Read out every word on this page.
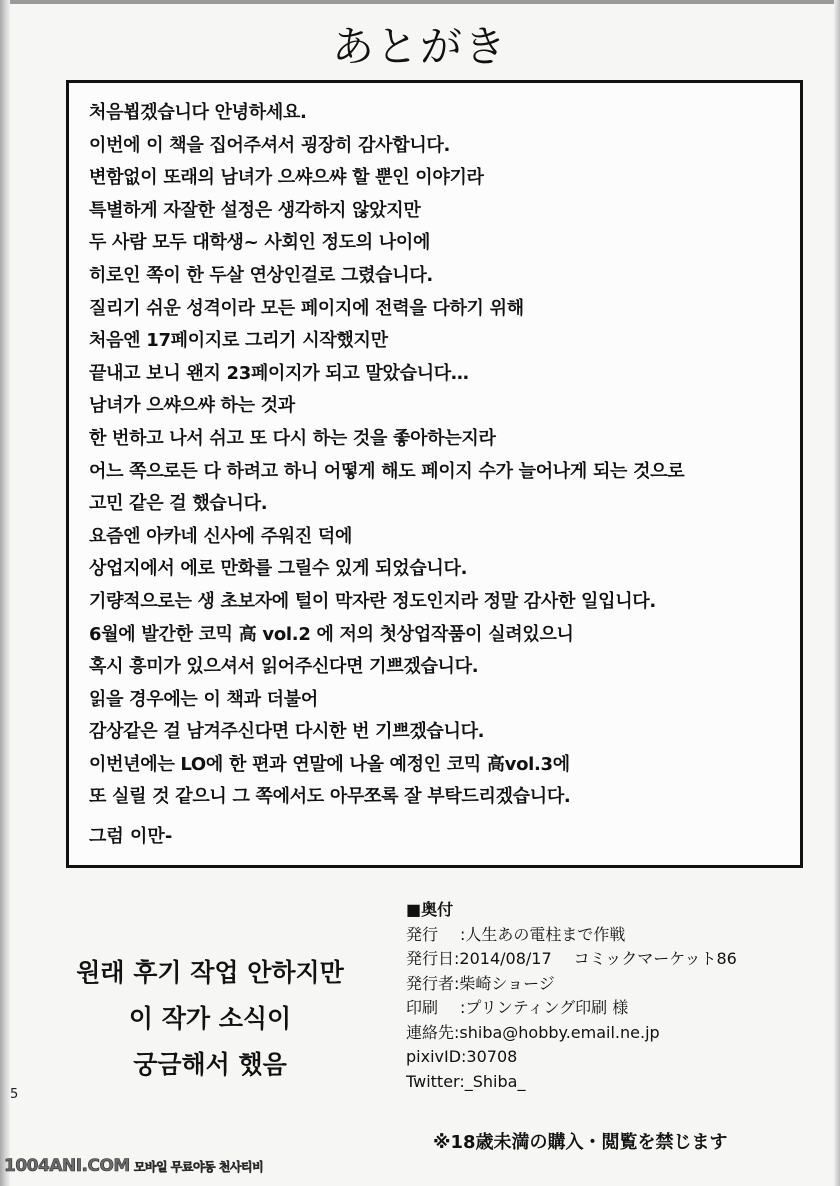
あとがき
처음뵙겠습니다 안녕하세요.
이번에 이 책을 집어주셔서 굉장히 감사합니다.
변함없이 또래의 남녀가 으쌰으쌰 할 뿐인 이야기라
특별하게 자잘한 설정은 생각하지 않았지만
두 사람 모두 대학생~ 사회인 정도의 나이에
히로인 쪽이 한 두살 연상인걸로 그렸습니다.
질리기 쉬운 성격이라 모든 페이지에 전력을 다하기 위해
처음엔 17페이지로 그리기 시작했지만
끝내고 보니 왠지 23페이지가 되고 말았습니다…
남녀가 으쌰으쌰 하는 것과
한 번하고 나서 쉬고 또 다시 하는 것을 좋아하는지라
어느 쪽으로든 다 하려고 하니 어떻게 해도 페이지 수가 늘어나게 되는 것으로
고민 같은 걸 했습니다.
요즘엔 아카네 신사에 주워진 덕에
상업지에서 에로 만화를 그릴수 있게 되었습니다.
기량적으로는 생 초보자에 털이 막자란 정도인지라 정말 감사한 일입니다.
6월에 발간한 코믹 高 vol.2 에 저의 첫상업작품이 실려있으니
혹시 흥미가 있으셔서 읽어주신다면 기쁘겠습니다.
읽을 경우에는 이 책과 더불어
감상같은 걸 남겨주신다면 다시한 번 기쁘겠습니다.
이번년에는 LO에 한 편과 연말에 나올 예정인 코믹 高vol.3에
또 실릴 것 같으니 그 쪽에서도 아무쪼록 잘 부탁드리겠습니다.
그럼 이만-
원래 후기 작업 안하지만
이 작가 소식이
궁금해서 했음
■奥付
発行 :人生あの電柱まで作戦
発行日:2014/08/17 コミックマーケット86
発行者:柴崎ショージ
印刷 :プリンティング印刷 様
連絡先:shiba@hobby.email.ne.jp
pixivID:30708
Twitter:_Shiba_
※18歳未満の購入・閲覧を禁じます
5
1004ANI.COM 모바일 무료야동 천사티비
